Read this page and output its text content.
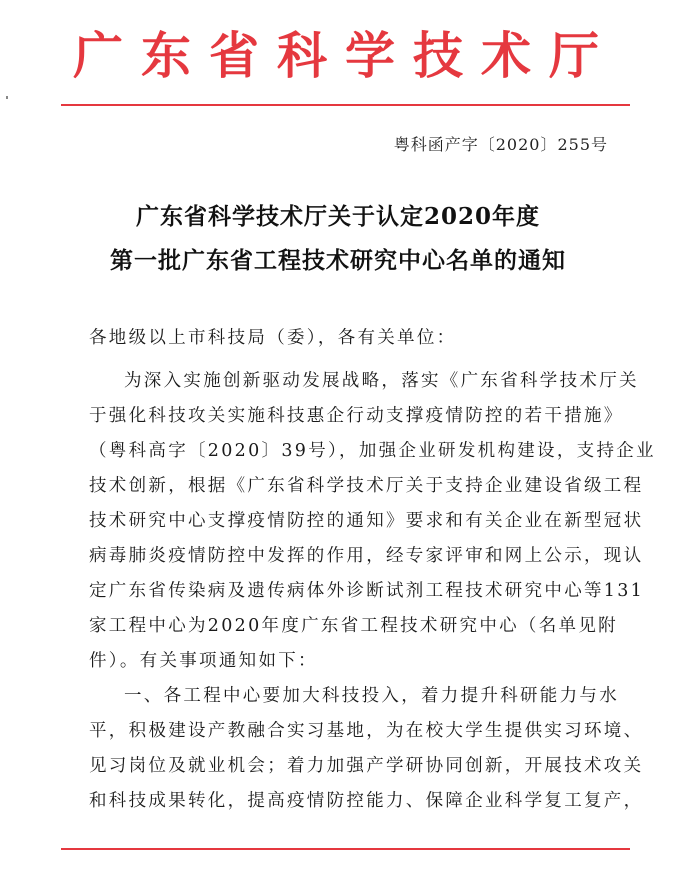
广东省科学技术厅
粤科函产字〔2020〕255号
广东省科学技术厅关于认定2020年度
第一批广东省工程技术研究中心名单的通知
各地级以上市科技局（委），各有关单位：
为深入实施创新驱动发展战略，落实《广东省科学技术厅关
于强化科技攻关实施科技惠企行动支撑疫情防控的若干措施》
（粤科高字〔2020〕39号），加强企业研发机构建设，支持企业
技术创新，根据《广东省科学技术厅关于支持企业建设省级工程
技术研究中心支撑疫情防控的通知》要求和有关企业在新型冠状
病毒肺炎疫情防控中发挥的作用，经专家评审和网上公示，现认
定广东省传染病及遗传病体外诊断试剂工程技术研究中心等131
家工程中心为2020年度广东省工程技术研究中心（名单见附
件）。有关事项通知如下：
一、各工程中心要加大科技投入，着力提升科研能力与水
平，积极建设产教融合实习基地，为在校大学生提供实习环境、
见习岗位及就业机会；着力加强产学研协同创新，开展技术攻关
和科技成果转化，提高疫情防控能力、保障企业科学复工复产，
